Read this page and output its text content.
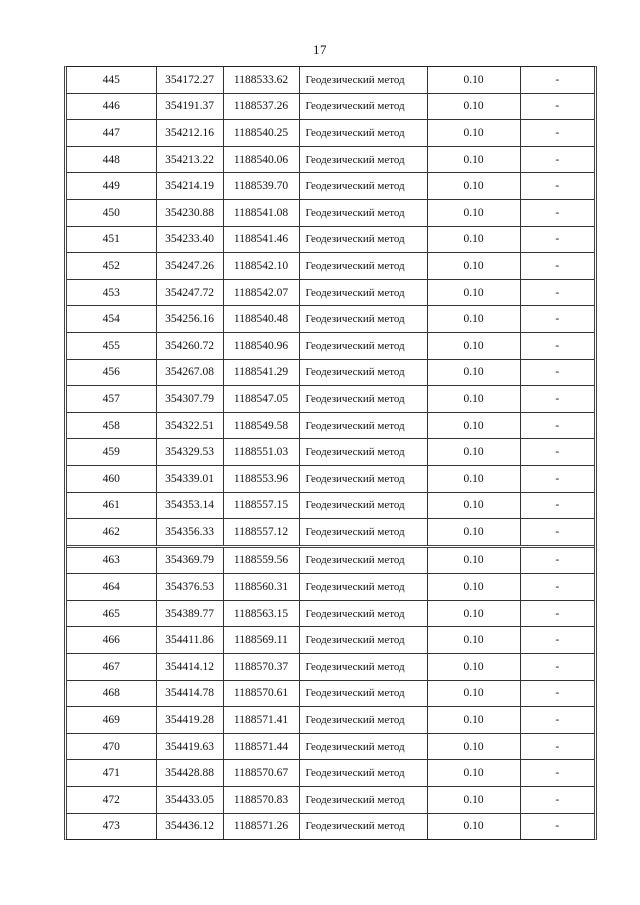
17
445	354172.27	1188533.62	Геодезический метод	0.10	-
446	354191.37	1188537.26	Геодезический метод	0.10	-
447	354212.16	1188540.25	Геодезический метод	0.10	-
448	354213.22	1188540.06	Геодезический метод	0.10	-
449	354214.19	1188539.70	Геодезический метод	0.10	-
450	354230.88	1188541.08	Геодезический метод	0.10	-
451	354233.40	1188541.46	Геодезический метод	0.10	-
452	354247.26	1188542.10	Геодезический метод	0.10	-
453	354247.72	1188542.07	Геодезический метод	0.10	-
454	354256.16	1188540.48	Геодезический метод	0.10	-
455	354260.72	1188540.96	Геодезический метод	0.10	-
456	354267.08	1188541.29	Геодезический метод	0.10	-
457	354307.79	1188547.05	Геодезический метод	0.10	-
458	354322.51	1188549.58	Геодезический метод	0.10	-
459	354329.53	1188551.03	Геодезический метод	0.10	-
460	354339.01	1188553.96	Геодезический метод	0.10	-
461	354353.14	1188557.15	Геодезический метод	0.10	-
462	354356.33	1188557.12	Геодезический метод	0.10	-
463	354369.79	1188559.56	Геодезический метод	0.10	-
464	354376.53	1188560.31	Геодезический метод	0.10	-
465	354389.77	1188563.15	Геодезический метод	0.10	-
466	354411.86	1188569.11	Геодезический метод	0.10	-
467	354414.12	1188570.37	Геодезический метод	0.10	-
468	354414.78	1188570.61	Геодезический метод	0.10	-
469	354419.28	1188571.41	Геодезический метод	0.10	-
470	354419.63	1188571.44	Геодезический метод	0.10	-
471	354428.88	1188570.67	Геодезический метод	0.10	-
472	354433.05	1188570.83	Геодезический метод	0.10	-
473	354436.12	1188571.26	Геодезический метод	0.10	-
